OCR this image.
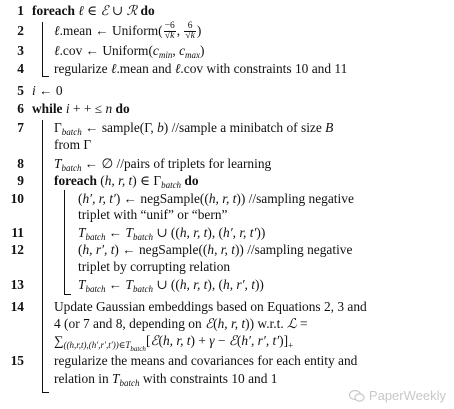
1 foreach ℓ ∈ ℰ ∪ ℛ do
2 ℓ.mean ← Uniform( $\frac{-6}{√k}$ , $\frac{6}{√k}$ )
3 ℓ.cov ← $Uniform(c_{min}$, $c_{max}$)
4 regularize ℓ.mean and ℓ.cov with constraints 10 and 11
5 i ← 0
6 while i + + ≤ n do
7 $\Gamma_{batch}$ ← sample(Γ, b) //sample a minibatch of size B
from Γ
8 $T_{batch}$ ← ∅ //pairs of triplets for learning
9 foreach (h, r, t) ∈ $\Gamma_{batch}$ do
10	(h′, r, t′) ← negSample((h, r, t)) //sampling negative
triplet with “unif” or “bern”
11	$T_{batch}$ ← $T_{batch}$ ∪ ((h, r, t), (h′, r, t′))
12	(h, r′, t) ← negSample((h, r, t)) //sampling negative
triplet by corrupting relation
13	$T_{batch}$ ← $T_{batch}$ ∪ ((h, r, t), (h, r′, t))
14 Update Gaussian embeddings based on Equations 2, 3 and
4 (or 7 and 8, depending on ℰ(h, r, t)) w.r.t. ℒ =
$\sum_{((h,r,t),(h',r',t'))\in T_{batch}}[ℰ(h$, r, t) + γ − ℰ(h′, r′, $t')]_+$
15 regularize the means and covariances for each entity and
relation in $T_{batch}$ with constraints 10 and 1
PaperWeekly
